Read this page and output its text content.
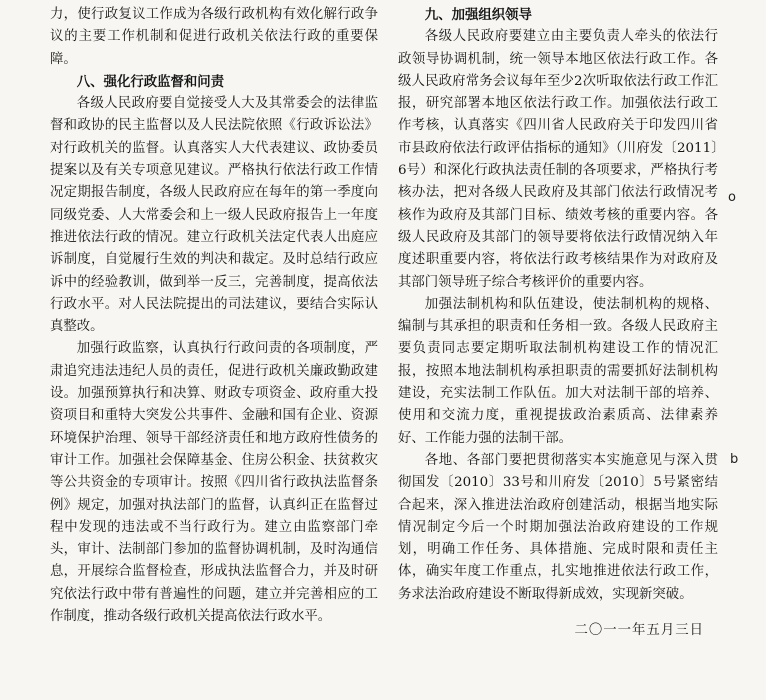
力，使行政复议工作成为各级行政机构有效化解行政争议的主要工作机制和促进行政机关依法行政的重要保障。

八、强化行政监督和问责

各级人民政府要自觉接受人大及其常委会的法律监督和政协的民主监督以及人民法院依照《行政诉讼法》对行政机关的监督。认真落实人大代表建议、政协委员提案以及有关专项意见建议。严格执行依法行政工作情况定期报告制度，各级人民政府应在每年的第一季度向同级党委、人大常委会和上一级人民政府报告上一年度推进依法行政的情况。建立行政机关法定代表人出庭应诉制度，自觉履行生效的判决和裁定。及时总结行政应诉中的经验教训，做到举一反三，完善制度，提高依法行政水平。对人民法院提出的司法建议，要结合实际认真整改。

加强行政监察，认真执行行政问责的各项制度，严肃追究违法违纪人员的责任，促进行政机关廉政勤政建设。加强预算执行和决算、财政专项资金、政府重大投资项目和重特大突发公共事件、金融和国有企业、资源环境保护治理、领导干部经济责任和地方政府性债务的审计工作。加强社会保障基金、住房公积金、扶贫救灾等公共资金的专项审计。按照《四川省行政执法监督条例》规定，加强对执法部门的监督，认真纠正在监督过程中发现的违法或不当行政行为。建立由监察部门牵头，审计、法制部门参加的监督协调机制，及时沟通信息，开展综合监督检查，形成执法监督合力，并及时研究依法行政中带有普遍性的问题，建立并完善相应的工作制度，推动各级行政机关提高依法行政水平。

九、加强组织领导

各级人民政府要建立由主要负责人牵头的依法行政领导协调机制，统一领导本地区依法行政工作。各级人民政府常务会议每年至少2次听取依法行政工作汇报，研究部署本地区依法行政工作。加强依法行政工作考核，认真落实《四川省人民政府关于印发四川省市县政府依法行政评估指标的通知》（川府发〔2011〕6号）和深化行政执法责任制的各项要求，严格执行考核办法，把对各级人民政府及其部门依法行政情况考核作为政府及其部门目标、绩效考核的重要内容。各级人民政府及其部门的领导要将依法行政情况纳入年度述职重要内容，将依法行政考核结果作为对政府及其部门领导班子综合考核评价的重要内容。

加强法制机构和队伍建设，使法制机构的规格、编制与其承担的职责和任务相一致。各级人民政府主要负责同志要定期听取法制机构建设工作的情况汇报，按照本地法制机构承担职责的需要抓好法制机构建设，充实法制工作队伍。加大对法制干部的培养、使用和交流力度，重视提拔政治素质高、法律素养好、工作能力强的法制干部。

各地、各部门要把贯彻落实本实施意见与深入贯彻国发〔2010〕33号和川府发〔2010〕5号紧密结合起来，深入推进法治政府创建活动，根据当地实际情况制定今后一个时期加强法治政府建设的工作规划，明确工作任务、具体措施、完成时限和责任主体，确实年度工作重点，扎实地推进依法行政工作，务求法治政府建设不断取得新成效，实现新突破。

二〇一一年五月三日
o
b
